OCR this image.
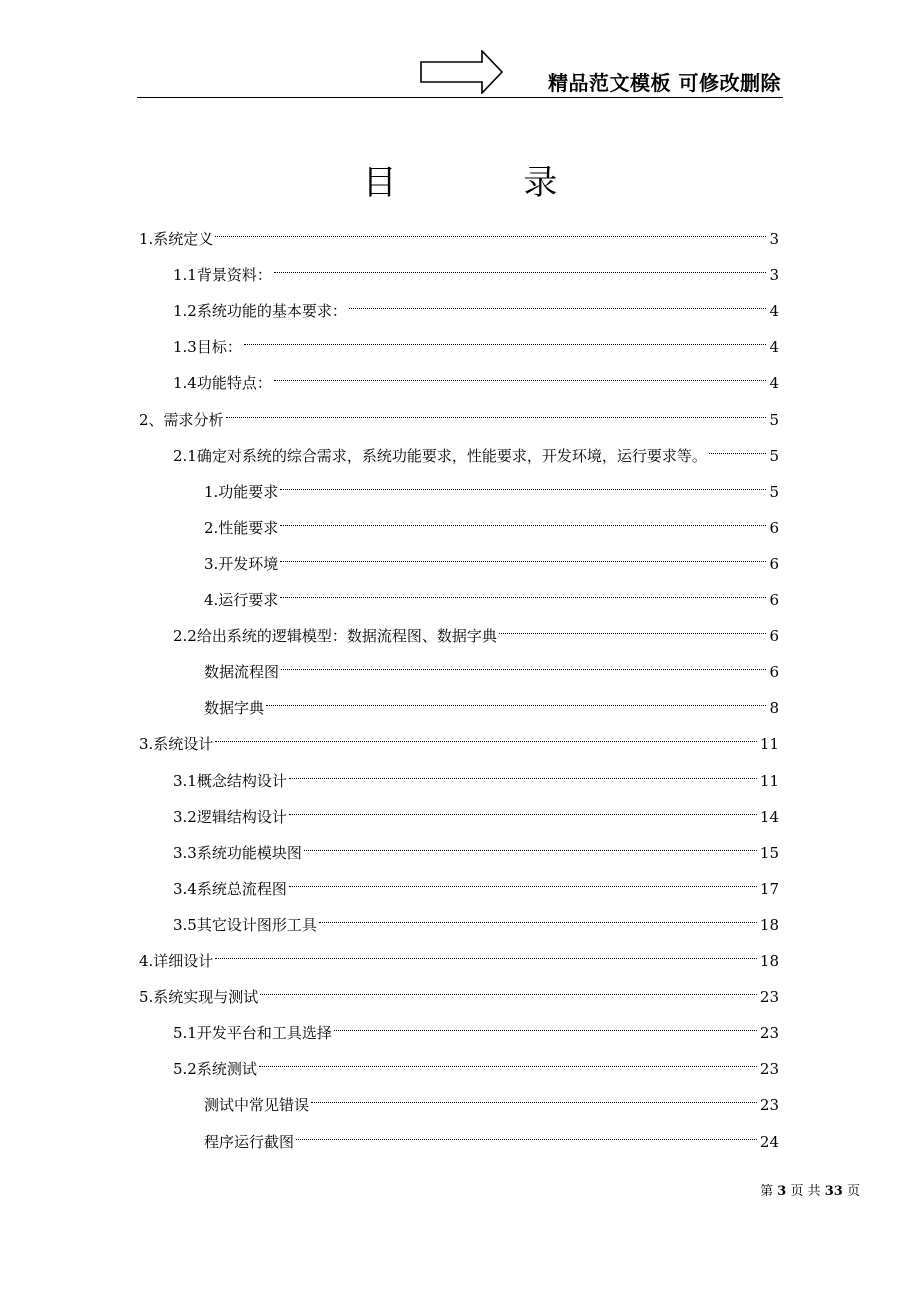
精品范文模板 可修改删除
目 录
1.系统定义	3
1.1背景资料：	3
1.2系统功能的基本要求：	4
1.3目标：	4
1.4功能特点：	4
2、需求分析	5
2.1确定对系统的综合需求，系统功能要求，性能要求，开发环境，运行要求等。	5
1.功能要求	5
2.性能要求	6
3.开发环境	6
4.运行要求	6
2.2给出系统的逻辑模型：数据流程图、数据字典	6
数据流程图	6
数据字典	8
3.系统设计	11
3.1概念结构设计	11
3.2逻辑结构设计	14
3.3系统功能模块图	15
3.4系统总流程图	17
3.5其它设计图形工具	18
4.详细设计	18
5.系统实现与测试	23
5.1开发平台和工具选择	23
5.2系统测试	23
测试中常见错误	23
程序运行截图	24
第 3 页 共 33 页
